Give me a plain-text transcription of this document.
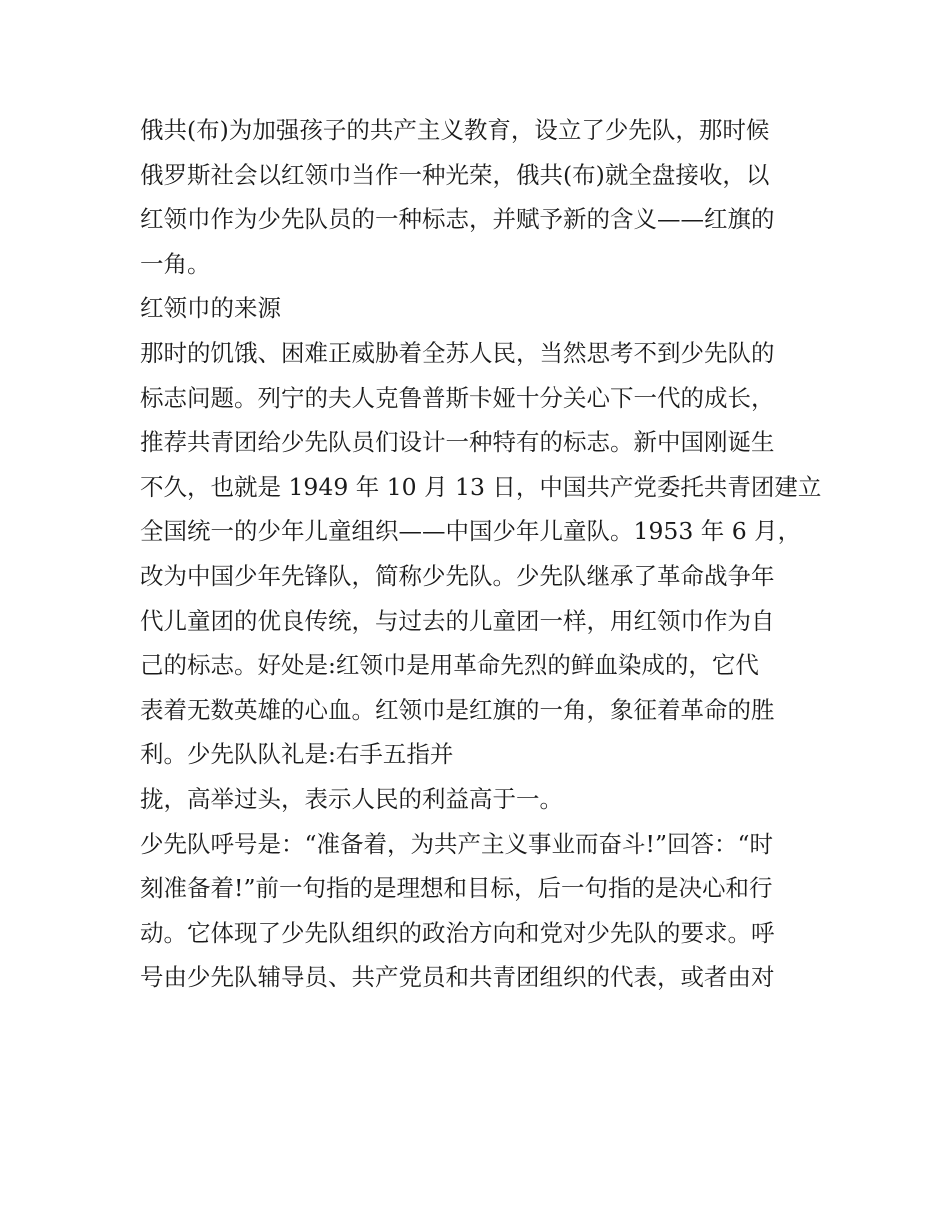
俄共(布)为加强孩子的共产主义教育，设立了少先队，那时候
俄罗斯社会以红领巾当作一种光荣，俄共(布)就全盘接收，以
红领巾作为少先队员的一种标志，并赋予新的含义——红旗的
一角。
红领巾的来源
那时的饥饿、困难正威胁着全苏人民，当然思考不到少先队的
标志问题。列宁的夫人克鲁普斯卡娅十分关心下一代的成长，
推荐共青团给少先队员们设计一种特有的标志。新中国刚诞生
不久，也就是 1949 年 10 月 13 日，中国共产党委托共青团建立
全国统一的少年儿童组织——中国少年儿童队。1953 年 6 月，
改为中国少年先锋队，简称少先队。少先队继承了革命战争年
代儿童团的优良传统，与过去的儿童团一样，用红领巾作为自
己的标志。好处是:红领巾是用革命先烈的鲜血染成的，它代
表着无数英雄的心血。红领巾是红旗的一角，象征着革命的胜
利。少先队队礼是:右手五指并
拢，高举过头，表示人民的利益高于一。
少先队呼号是：“准备着，为共产主义事业而奋斗!”回答：“时
刻准备着!”前一句指的是理想和目标，后一句指的是决心和行
动。它体现了少先队组织的政治方向和党对少先队的要求。呼
号由少先队辅导员、共产党员和共青团组织的代表，或者由对
